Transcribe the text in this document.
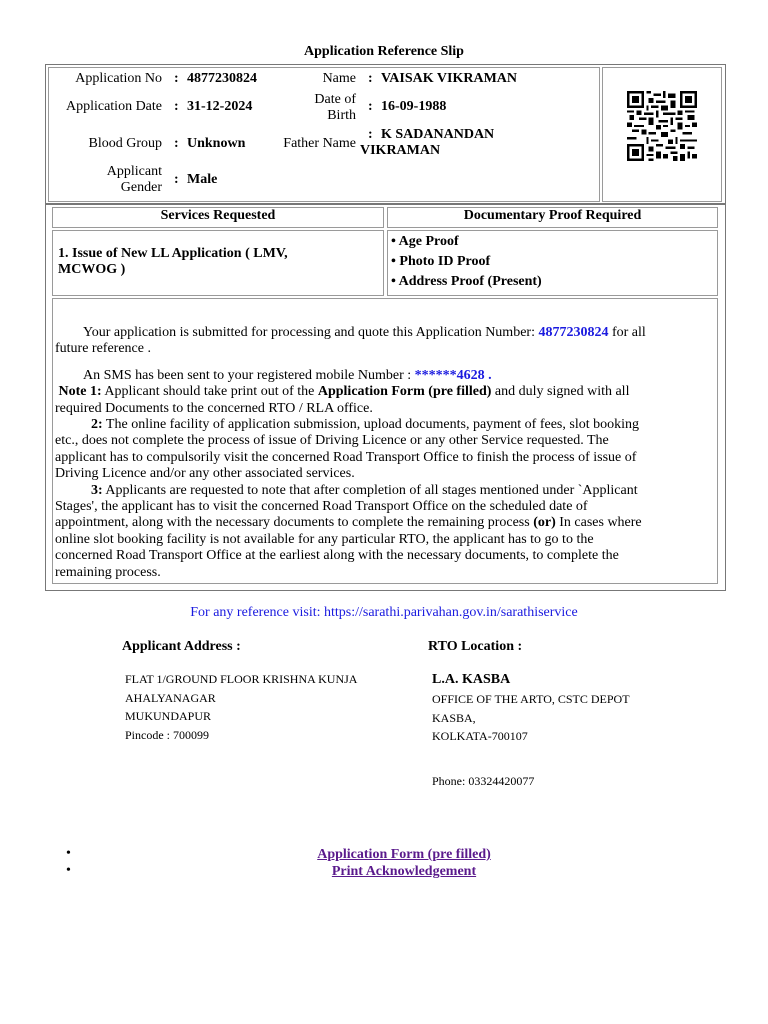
Application Reference Slip
Application No : 4877230824
Application Date : 31-12-2024
Blood Group : Unknown
Applicant
Gender
: Male
Name : VAISAK VIKRAMAN
Date of
Birth
: 16-09-1988
Father Name
: K SADANANDAN
VIKRAMAN
Services Requested	Documentary Proof Required
1. Issue of New LL Application ( LMV,
MCWOG )
• Age Proof
• Photo ID Proof
• Address Proof (Present)
Your application is submitted for processing and quote this Application Number: 4877230824 for all
future reference .
An SMS has been sent to your registered mobile Number : ******4628 .
Note 1: Applicant should take print out of the Application Form (pre filled) and duly signed with all
required Documents to the concerned RTO / RLA office.
2: The online facility of application submission, upload documents, payment of fees, slot booking
etc., does not complete the process of issue of Driving Licence or any other Service requested. The
applicant has to compulsorily visit the concerned Road Transport Office to finish the process of issue of
Driving Licence and/or any other associated services.
3: Applicants are requested to note that after completion of all stages mentioned under `Applicant
Stages', the applicant has to visit the concerned Road Transport Office on the scheduled date of
appointment, along with the necessary documents to complete the remaining process (or) In cases where
online slot booking facility is not available for any particular RTO, the applicant has to go to the
concerned Road Transport Office at the earliest along with the necessary documents, to complete the
remaining process.
For any reference visit: https://sarathi.parivahan.gov.in/sarathiservice
Applicant Address :
FLAT 1/GROUND FLOOR KRISHNA KUNJA
AHALYANAGAR
MUKUNDAPUR
Pincode : 700099
RTO Location :
L.A. KASBA
OFFICE OF THE ARTO, CSTC DEPOT
KASBA,
KOLKATA-700107
Phone: 03324420077
•
•
Application Form (pre filled)
Print Acknowledgement
